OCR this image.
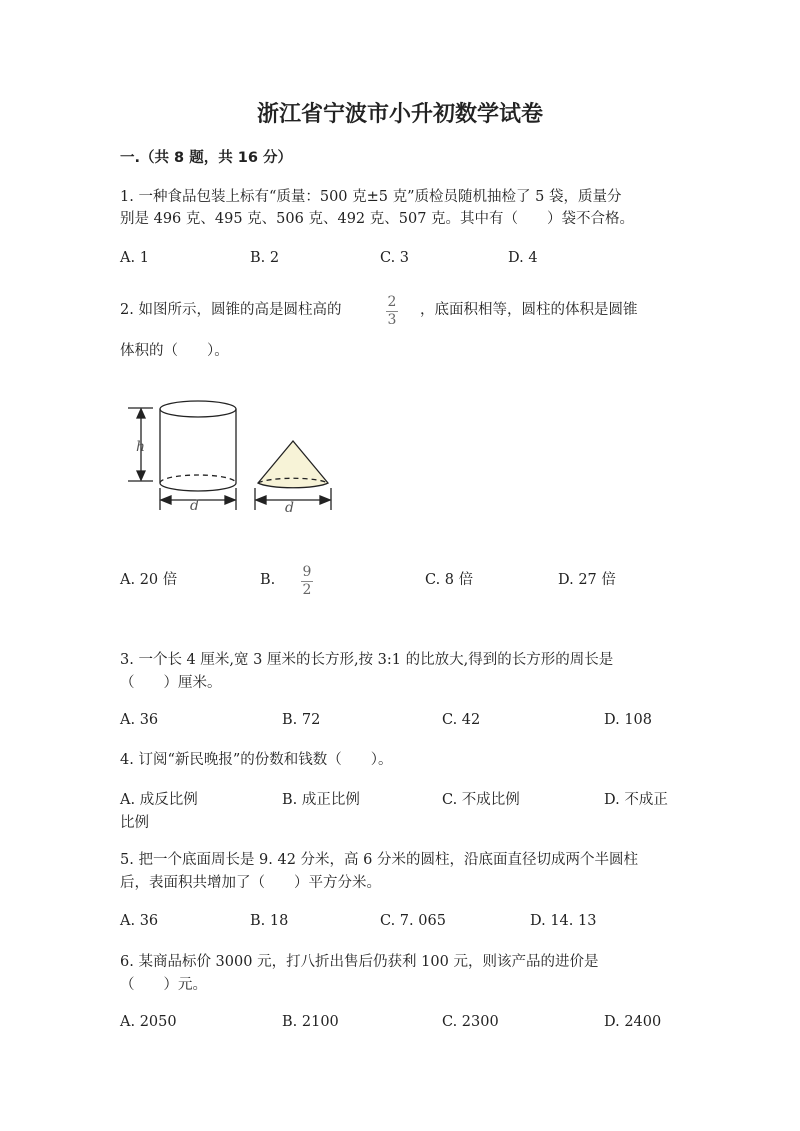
浙江省宁波市小升初数学试卷
一.（共 8 题，共 16 分）
1. 一种食品包装上标有“质量：500 克±5 克”质检员随机抽检了 5 袋，质量分
别是 496 克、495 克、506 克、492 克、507 克。其中有（　　）袋不合格。
A. 1	B. 2	C. 3	D. 4
2. 如图所示，圆锥的高是圆柱高的	2
3
，底面积相等，圆柱的体积是圆锥
体积的（　　）。
h
d	d
A. 20 倍	B. 9
2
C. 8 倍	D. 27 倍
3. 一个长 4 厘米,宽 3 厘米的长方形,按 3:1 的比放大,得到的长方形的周长是
（　　）厘米。
A. 36	B. 72	C. 42	D. 108
4. 订阅“新民晚报”的份数和钱数（　　）。
A. 成反比例	B. 成正比例	C. 不成比例	D. 不成正
比例
5. 把一个底面周长是 9. 42 分米，高 6 分米的圆柱，沿底面直径切成两个半圆柱
后，表面积共增加了（　　）平方分米。
A. 36	B. 18	C. 7. 065	D. 14. 13
6. 某商品标价 3000 元，打八折出售后仍获利 100 元，则该产品的进价是
（　　）元。
A. 2050	B. 2100	C. 2300	D. 2400
